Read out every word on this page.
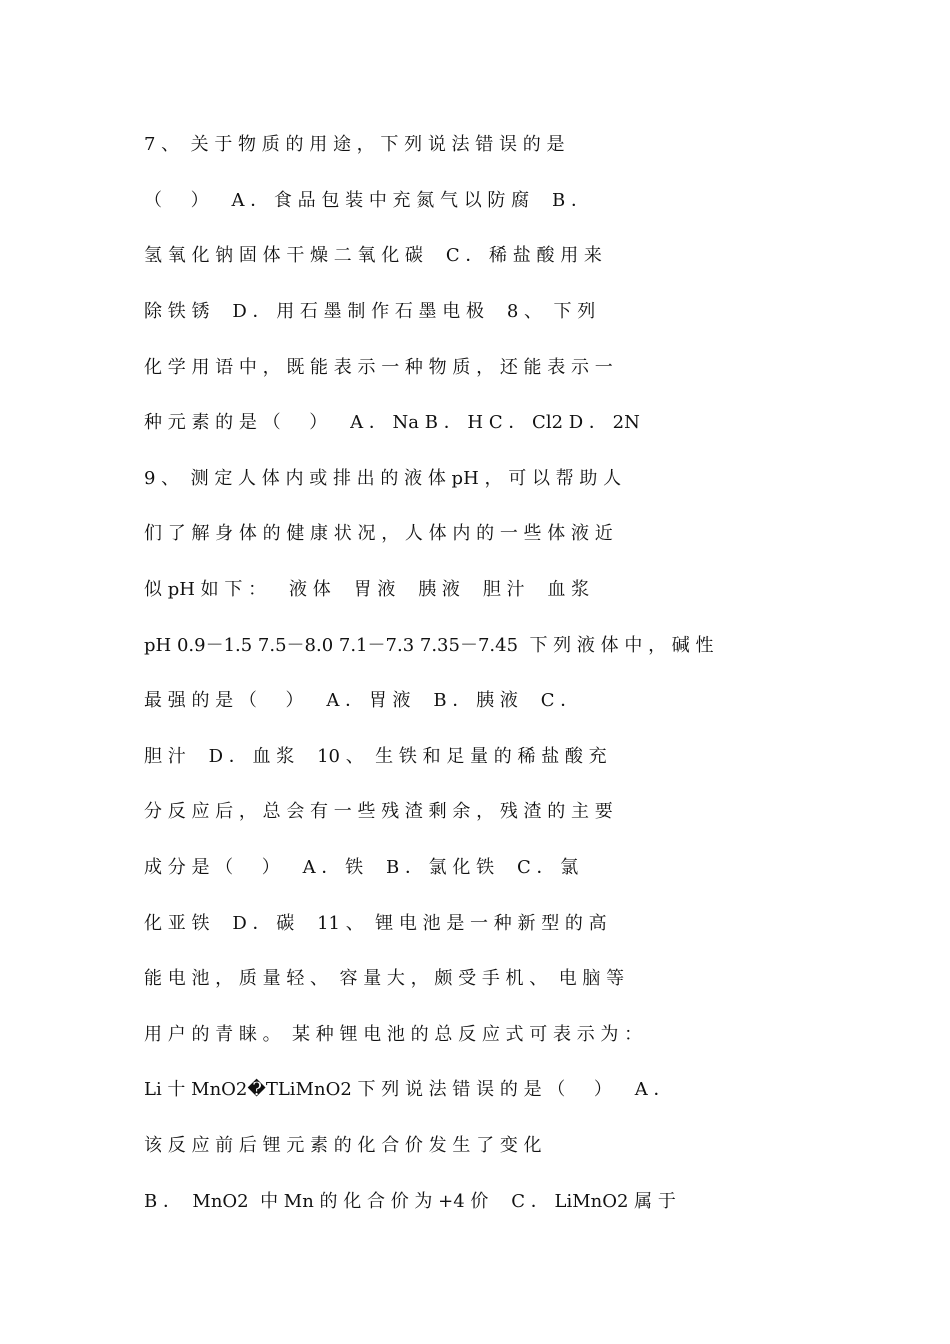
7 、  关 于 物 质 的 用 途 ， 下 列 说 法 错 误 的 是
（     ）    A ． 食 品 包 装 中 充 氮 气 以 防 腐    B ．
氢 氧 化 钠 固 体 干 燥 二 氧 化 碳    C ． 稀 盐 酸 用 来
除 铁 锈    D ． 用 石 墨 制 作 石 墨 电 极    8 、  下 列
化 学 用 语 中 ， 既 能 表 示 一 种 物 质 ， 还 能 表 示 一
种 元 素 的 是 （     ）    A ． Na B ． H C ． Cl2 D ． 2N
9 、  测 定 人 体 内 或 排 出 的 液 体 pH ， 可 以 帮 助 人
们 了 解 身 体 的 健 康 状 况 ， 人 体 内 的 一 些 体 液 近
似 pH 如 下 ：    液 体    胃 液    胰 液    胆 汁    血 浆
pH 0.9－1.5 7.5－8.0 7.1－7.3 7.35－7.45  下 列 液 体 中 ， 碱 性
最 强 的 是 （     ）    A ． 胃 液    B ． 胰 液    C ．
胆 汁    D ． 血 浆    10 、  生 铁 和 足 量 的 稀 盐 酸 充
分 反 应 后 ， 总 会 有 一 些 残 渣 剩 余 ， 残 渣 的 主 要
成 分 是 （     ）    A ． 铁    B ． 氯 化 铁    C ． 氯
化 亚 铁    D ． 碳    11 、  锂 电 池 是 一 种 新 型 的 高
能 电 池 ， 质 量 轻 、  容 量 大 ， 颇 受 手 机 、  电 脑 等
用 户 的 青 睐 。  某 种 锂 电 池 的 总 反 应 式 可 表 示 为 ：
Li 十 MnO2�TLiMnO2 下 列 说 法 错 误 的 是 （     ）    A ．
该 反 应 前 后 锂 元 素 的 化 合 价 发 生 了 变 化
B ．  MnO2  中 Mn 的 化 合 价 为 +4 价    C ． LiMnO2 属 于
